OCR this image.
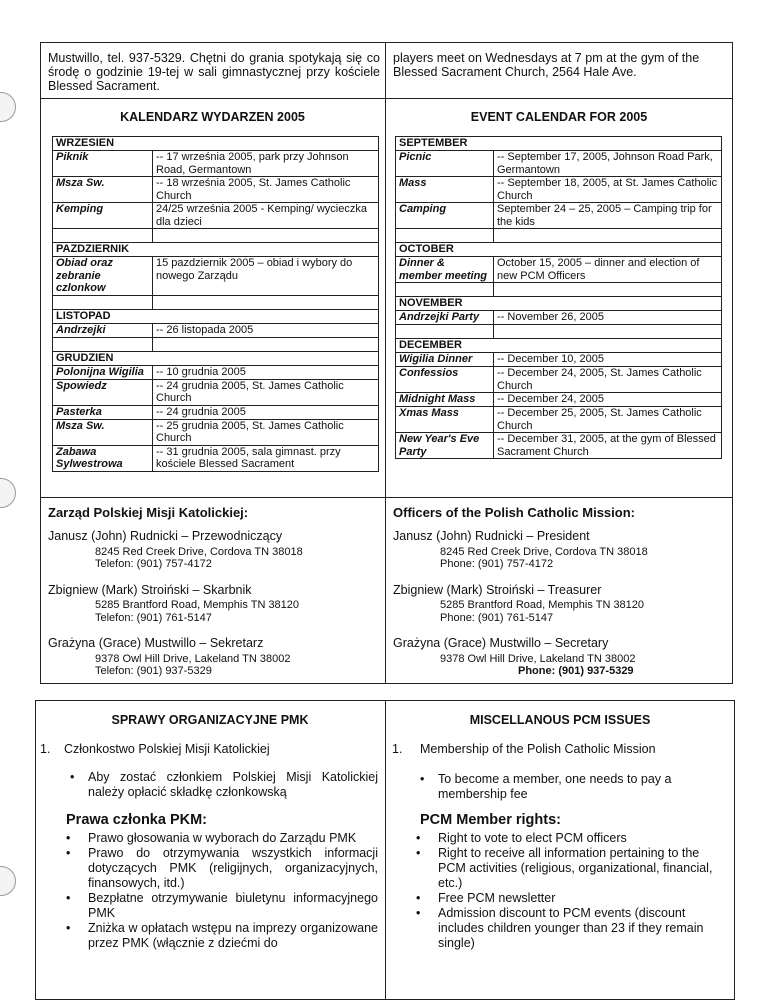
Mustwillo, tel. 937-5329. Chętni do grania spotykają się co środę o godzinie 19-tej w sali gimnastycznej przy kościele Blessed Sacrament.
players meet on Wednesdays at 7 pm at the gym of the Blessed Sacrament Church, 2564 Hale Ave.
KALENDARZ WYDARZEN 2005	EVENT CALENDAR FOR 2005
WRZESIEN	
Piknik	-- 17 września 2005, park przy Johnson Road, Germantown
Msza Sw.	-- 18 września 2005, St. James Catholic Church
Kemping	24/25 września 2005 - Kemping/ wycieczka dla dzieci

PAZDZIERNIK	
Obiad oraz zebranie czlonkow	15 pazdziernik 2005 – obiad i wybory do nowego Zarządu

LISTOPAD	
Andrzejki	-- 26 listopada 2005

GRUDZIEN	
Polonijna Wigilia	-- 10 grudnia 2005
Spowiedz	-- 24 grudnia 2005, St. James Catholic Church
Pasterka	-- 24 grudnia 2005
Msza Sw.	-- 25 grudnia 2005, St. James Catholic Church
Zabawa Sylwestrowa	-- 31 grudnia 2005, sala gimnast. przy kościele Blessed Sacrament
SEPTEMBER	
Picnic	-- September 17, 2005, Johnson Road Park, Germantown
Mass	-- September 18, 2005, at St. James Catholic Church
Camping	September 24 – 25, 2005 – Camping trip for the kids

OCTOBER	
Dinner & member meeting	October 15, 2005 – dinner and election of new PCM Officers

NOVEMBER	
Andrzejki Party	-- November 26, 2005

DECEMBER	
Wigilia Dinner	-- December 10, 2005
Confessios	-- December 24, 2005, St. James Catholic Church
Midnight Mass	-- December 24, 2005
Xmas Mass	-- December 25, 2005, St. James Catholic Church
New Year's Eve Party	-- December 31, 2005, at the gym of Blessed Sacrament Church
Zarząd Polskiej Misji Katolickiej:	Officers of the Polish Catholic Mission:
Janusz (John) Rudnicki – Przewodniczący
8245 Red Creek Drive, Cordova TN 38018
Telefon: (901) 757-4172
Zbigniew (Mark) Stroiński – Skarbnik
5285 Brantford Road, Memphis TN 38120
Telefon: (901) 761-5147
Grażyna (Grace) Mustwillo – Sekretarz
9378 Owl Hill Drive, Lakeland TN 38002
Telefon: (901) 937-5329
Janusz (John) Rudnicki – President
8245 Red Creek Drive, Cordova TN 38018
Phone: (901) 757-4172
Zbigniew (Mark) Stroiński – Treasurer
5285 Brantford Road, Memphis TN 38120
Phone: (901) 761-5147
Grażyna (Grace) Mustwillo – Secretary
9378 Owl Hill Drive, Lakeland TN 38002
Phone: (901) 937-5329
SPRAWY ORGANIZACYJNE PMK	MISCELLANOUS PCM ISSUES
1. Członkostwo Polskiej Misji Katolickiej
• Aby zostać członkiem Polskiej Misji Katolickiej należy opłacić składkę członkowską
Prawa członka PKM:
• Prawo głosowania w wyborach do Zarządu PMK
• Prawo do otrzymywania wszystkich informacji dotyczących PMK (religijnych, organizacyjnych, finansowych, itd.)
• Bezpłatne otrzymywanie biuletynu informacyjnego PMK
• Zniżka w opłatach wstępu na imprezy organizowane przez PMK (włącznie z dziećmi do
1. Membership of the Polish Catholic Mission
• To become a member, one needs to pay a membership fee
PCM Member rights:
• Right to vote to elect PCM officers
• Right to receive all information pertaining to the PCM activities (religious, organizational, financial, etc.)
• Free PCM newsletter
• Admission discount to PCM events (discount includes children younger than 23 if they remain single)
